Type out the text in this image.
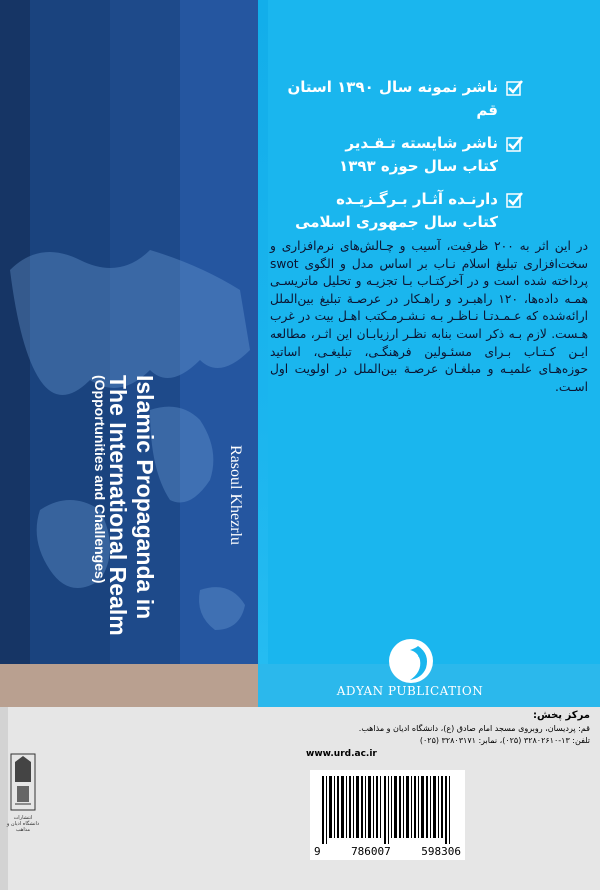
ناشر نمونه سال ۱۳۹۰ استان قم
ناشر شایسته تـقـدیر
کتاب سال حوزه ۱۳۹۳
دارنـده آثـار بـرگـزیـده
کتاب سال جمهوری اسلامی

در این اثر به ۲۰۰ ظرفیت، آسیب و چـالش‌های نرم‌افزاری و سخت‌افزاری تبلیغ اسلام نـاب بر اساس مدل و الگوی swot پرداخته شده است و در آخرکتـاب بـا تجزیـه و تحلیل ماتریسـی همـه داده‌ها، ۱۲۰ راهبـرد و راهـکار در عرصـة تبلیغ بین‌الملل ارائه‌شده که عـمـدتـا نـاظـر بـه نـشـرمـکتب اهـل بیت در غرب هـست. لازم بـه ذکر است بنابه نظـر ارزیابـان این اثـر، مطالعه ایـن کـتـاب بـرای مسئـولین فرهنگـی، تبلیغـی، اساتید حوزه‌هـای علمیـه و مبلغـان عرصـة بین‌الملل در اولویت اول اسـت.

Islamic Propaganda in
The International Realm
(Opportunities and Challenges)	Rasoul Khezrlu
ADYAN PUBLICATION
مرکز پخش:
قم: پردیسان، روبروی مسجد امام صادق (ع)، دانشگاه ادیان و مذاهب.
تلفن: ۱۳-۳۲۸۰۲۶۱۰ (۰۲۵)، نمابر: ۳۲۸۰۳۱۷۱ (۰۲۵)
www.urd.ac.ir
9	786007	598306
انتشارات دانشگاه ادیان و مذاهب
